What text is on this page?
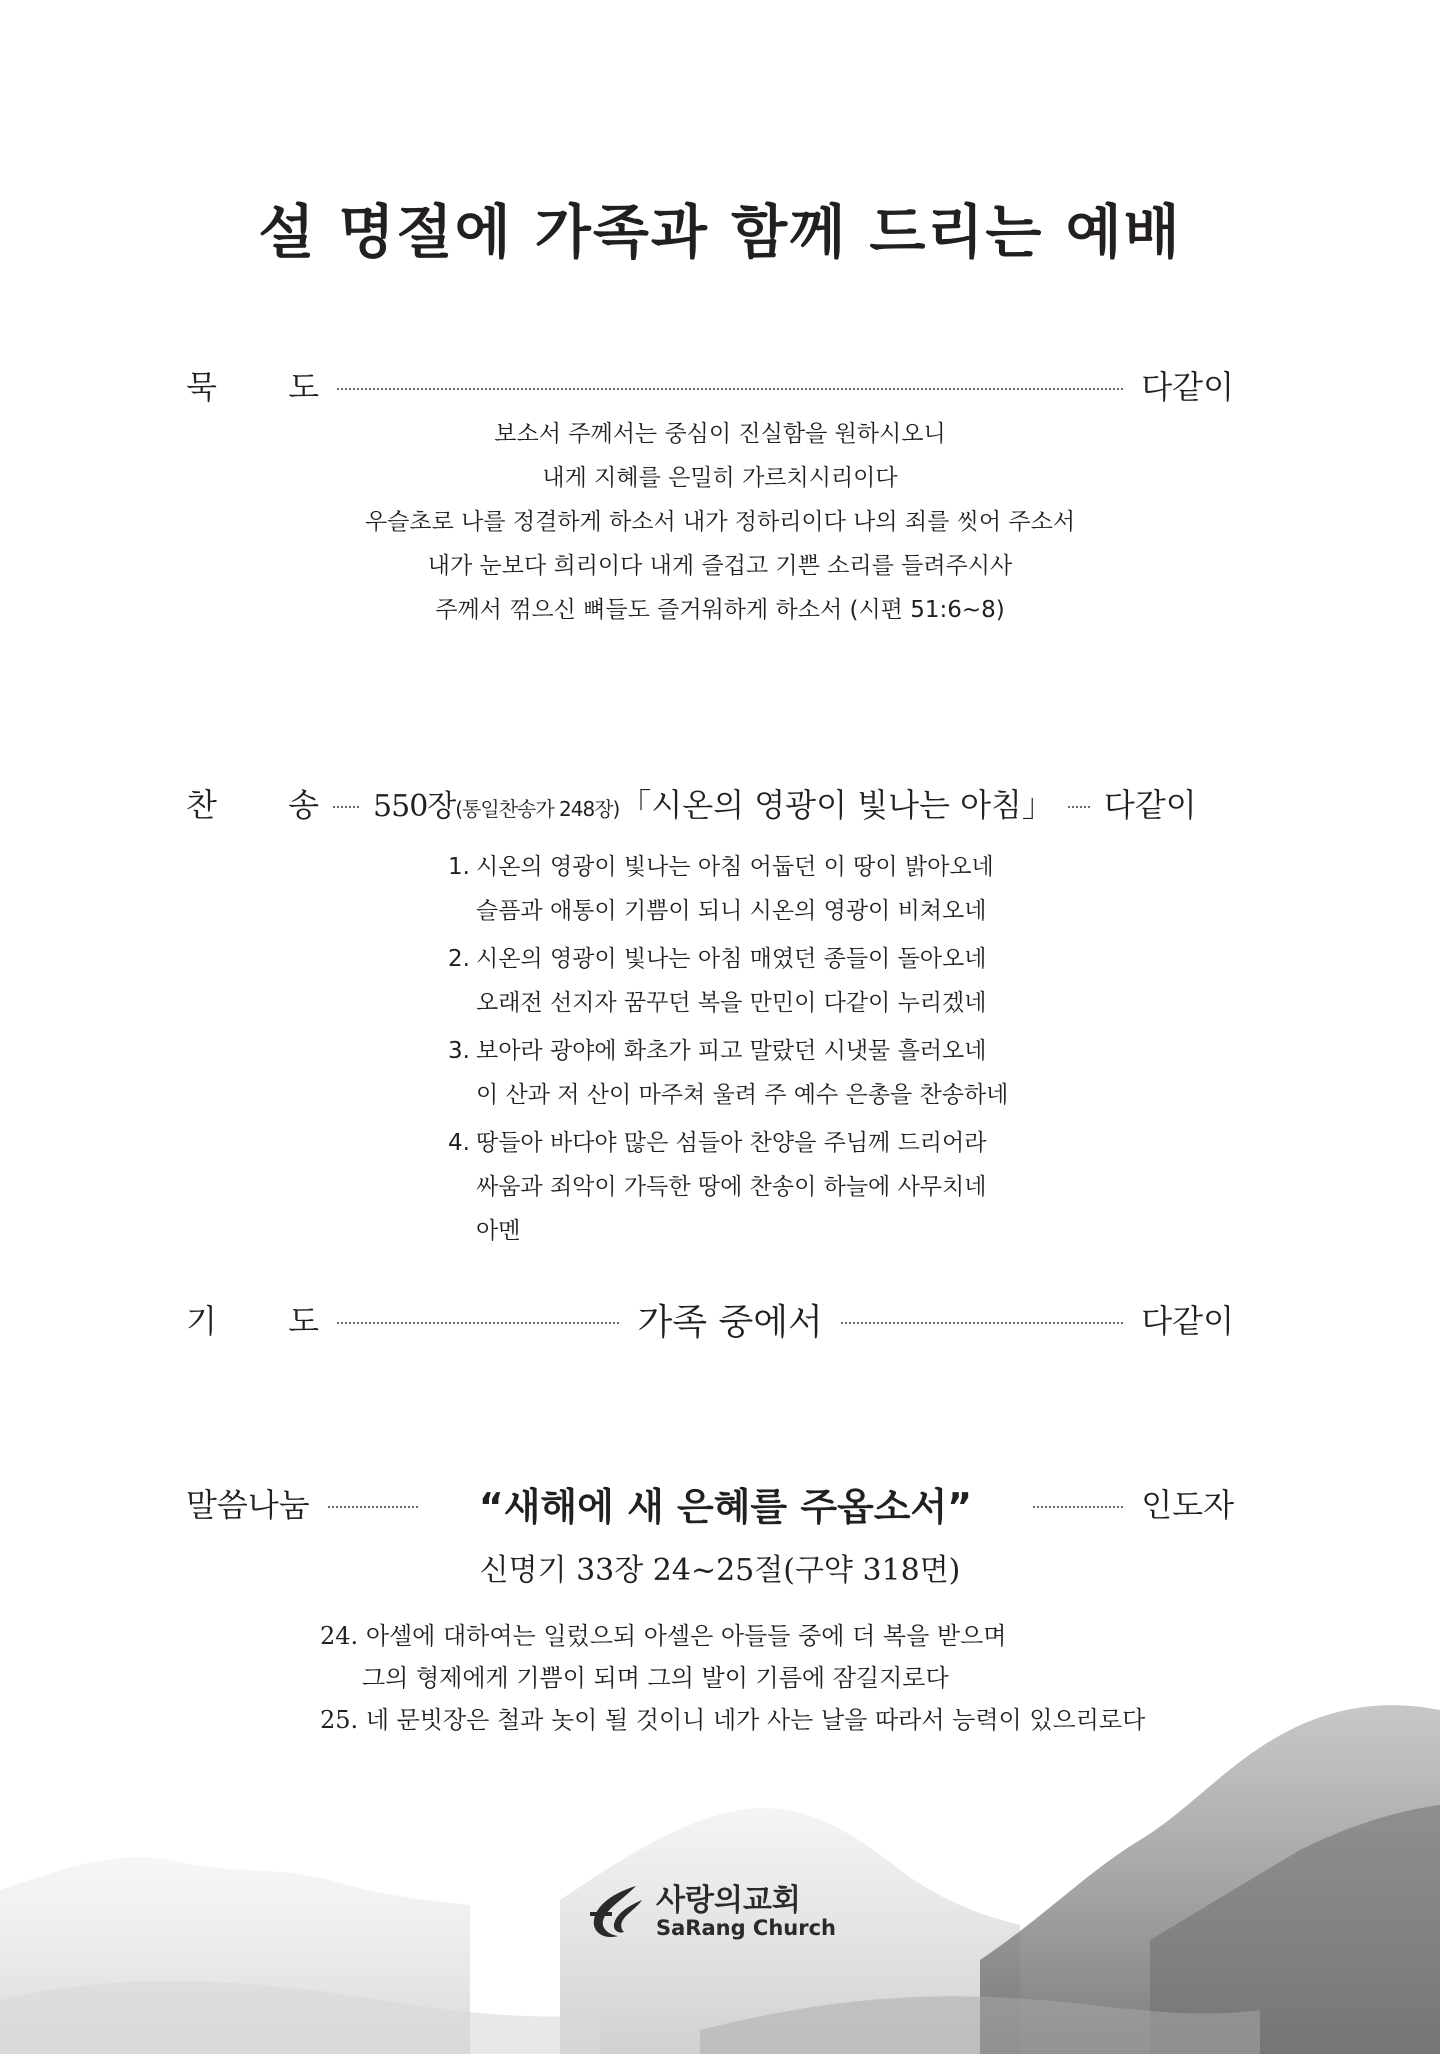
설 명절에 가족과 함께 드리는 예배
묵       도	다같이
보소서 주께서는 중심이 진실함을 원하시오니
내게 지혜를 은밀히 가르치시리이다
우슬초로 나를 정결하게 하소서 내가 정하리이다 나의 죄를 씻어 주소서
내가 눈보다 희리이다 내게 즐겁고 기쁜 소리를 들려주시사
주께서 꺾으신 뼈들도 즐거워하게 하소서 (시편 51:6~8)
찬       송 550장(통일찬송가 248장)「시온의 영광이 빛나는 아침」 다같이
1. 시온의 영광이 빛나는 아침 어둡던 이 땅이 밝아오네
슬픔과 애통이 기쁨이 되니 시온의 영광이 비쳐오네
2. 시온의 영광이 빛나는 아침 매였던 종들이 돌아오네
오래전 선지자 꿈꾸던 복을 만민이 다같이 누리겠네
3. 보아라 광야에 화초가 피고 말랐던 시냇물 흘러오네
이 산과 저 산이 마주쳐 울려 주 예수 은총을 찬송하네
4. 땅들아 바다야 많은 섬들아 찬양을 주님께 드리어라
싸움과 죄악이 가득한 땅에 찬송이 하늘에 사무치네
아멘
기       도	가족 중에서	다같이
말씀나눔	“새해에 새 은혜를 주옵소서”	인도자
신명기 33장 24~25절(구약 318면)
24. 아셀에 대하여는 일렀으되 아셀은 아들들 중에 더 복을 받으며
그의 형제에게 기쁨이 되며 그의 발이 기름에 잠길지로다
25. 네 문빗장은 철과 놋이 될 것이니 네가 사는 날을 따라서 능력이 있으리로다
사랑의교회
SaRang Church
